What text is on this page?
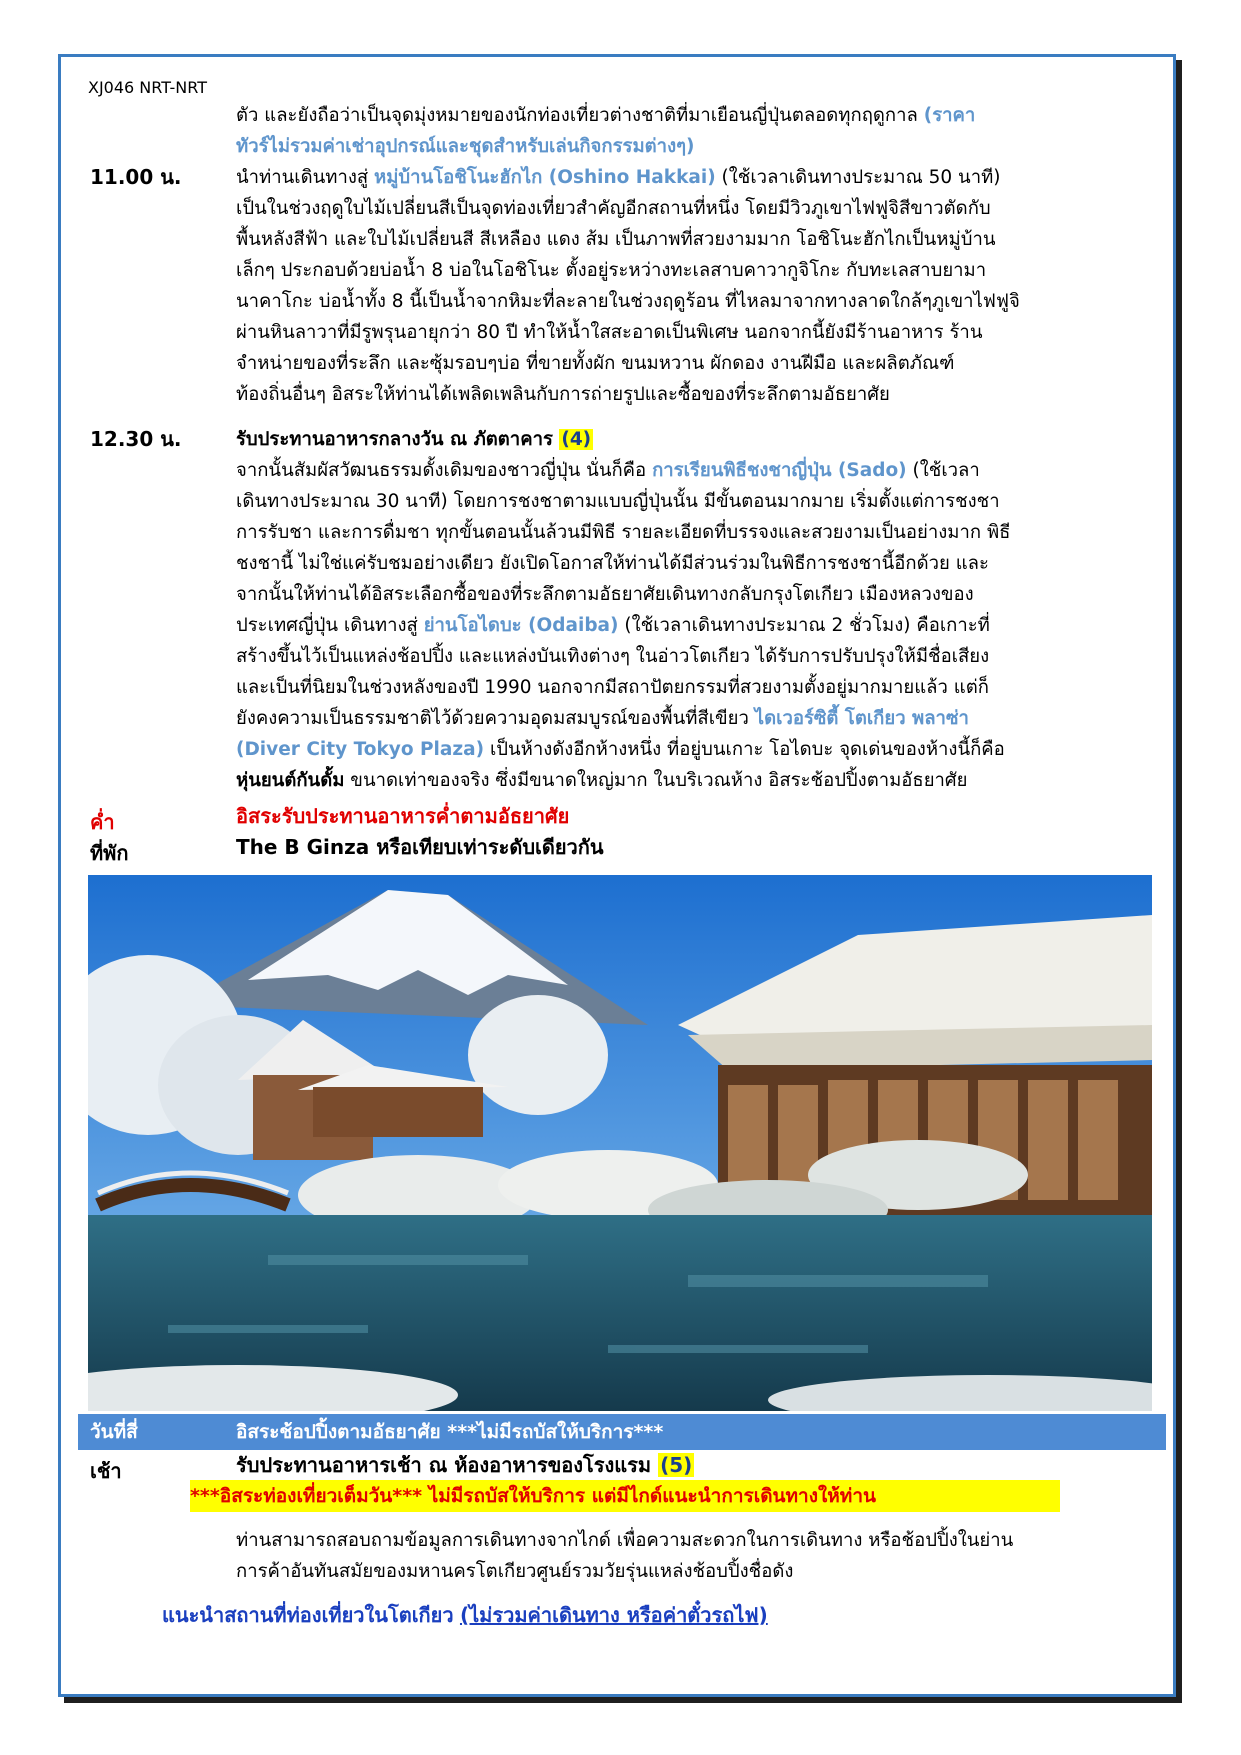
XJ046 NRT-NRT
ตัว และยังถือว่าเป็นจุดมุ่งหมายของนักท่องเที่ยวต่างชาติที่มาเยือนญี่ปุ่นตลอดทุกฤดูกาล (ราคา
ทัวร์ไม่รวมค่าเช่าอุปกรณ์และชุดสำหรับเล่นกิจกรรมต่างๆ)
11.00 น.	นำท่านเดินทางสู่ หมู่บ้านโอชิโนะฮักไก (Oshino Hakkai) (ใช้เวลาเดินทางประมาณ 50 นาที)
เป็นในช่วงฤดูใบไม้เปลี่ยนสีเป็นจุดท่องเที่ยวสำคัญอีกสถานที่หนึ่ง โดยมีวิวภูเขาไฟฟูจิสีขาวตัดกับ
พื้นหลังสีฟ้า และใบไม้เปลี่ยนสี สีเหลือง แดง ส้ม เป็นภาพที่สวยงามมาก โอชิโนะฮักไกเป็นหมู่บ้าน
เล็กๆ ประกอบด้วยบ่อน้ำ 8 บ่อในโอชิโนะ ตั้งอยู่ระหว่างทะเลสาบคาวากูจิโกะ กับทะเลสาบยามา
นาคาโกะ บ่อน้ำทั้ง 8 นี้เป็นน้ำจากหิมะที่ละลายในช่วงฤดูร้อน ที่ไหลมาจากทางลาดใกล้ๆภูเขาไฟฟูจิ
ผ่านหินลาวาที่มีรูพรุนอายุกว่า 80 ปี ทำให้น้ำใสสะอาดเป็นพิเศษ นอกจากนี้ยังมีร้านอาหาร ร้าน
จำหน่ายของที่ระลึก และซุ้มรอบๆบ่อ ที่ขายทั้งผัก ขนมหวาน ผักดอง งานฝีมือ และผลิตภัณฑ์
ท้องถิ่นอื่นๆ อิสระให้ท่านได้เพลิดเพลินกับการถ่ายรูปและซื้อของที่ระลึกตามอัธยาศัย
12.30 น.	รับประทานอาหารกลางวัน ณ ภัตตาคาร (4)
จากนั้นสัมผัสวัฒนธรรมดั้งเดิมของชาวญี่ปุ่น นั่นก็คือ การเรียนพิธีชงชาญี่ปุ่น (Sado) (ใช้เวลา
เดินทางประมาณ 30 นาที) โดยการชงชาตามแบบญี่ปุ่นนั้น มีขั้นตอนมากมาย เริ่มตั้งแต่การชงชา
การรับชา และการดื่มชา ทุกขั้นตอนนั้นล้วนมีพิธี รายละเอียดที่บรรจงและสวยงามเป็นอย่างมาก พิธี
ชงชานี้ ไม่ใช่แค่รับชมอย่างเดียว ยังเปิดโอกาสให้ท่านได้มีส่วนร่วมในพิธีการชงชานี้อีกด้วย และ
จากนั้นให้ท่านได้อิสระเลือกซื้อของที่ระลึกตามอัธยาศัยเดินทางกลับกรุงโตเกียว เมืองหลวงของ
ประเทศญี่ปุ่น เดินทางสู่ ย่านโอไดบะ (Odaiba) (ใช้เวลาเดินทางประมาณ 2 ชั่วโมง) คือเกาะที่
สร้างขึ้นไว้เป็นแหล่งช้อปปิ้ง และแหล่งบันเทิงต่างๆ ในอ่าวโตเกียว ได้รับการปรับปรุงให้มีชื่อเสียง
และเป็นที่นิยมในช่วงหลังของปี 1990 นอกจากมีสถาปัตยกรรมที่สวยงามตั้งอยู่มากมายแล้ว แต่ก็
ยังคงความเป็นธรรมชาติไว้ด้วยความอุดมสมบูรณ์ของพื้นที่สีเขียว ไดเวอร์ซิตี้ โตเกียว พลาซ่า
(Diver City Tokyo Plaza) เป็นห้างดังอีกห้างหนึ่ง ที่อยู่บนเกาะ โอไดบะ จุดเด่นของห้างนี้ก็คือ
หุ่นยนต์กันดั้ม ขนาดเท่าของจริง ซึ่งมีขนาดใหญ่มาก ในบริเวณห้าง อิสระช้อปปิ้งตามอัธยาศัย
ค่ำ	อิสระรับประทานอาหารค่ำตามอัธยาศัย
ที่พัก	The B Ginza หรือเทียบเท่าระดับเดียวกัน
วันที่สี่	อิสระช้อปปิ้งตามอัธยาศัย ***ไม่มีรถบัสให้บริการ***
เช้า	รับประทานอาหารเช้า ณ ห้องอาหารของโรงแรม (5)
***อิสระท่องเที่ยวเต็มวัน*** ไม่มีรถบัสให้บริการ แต่มีไกด์แนะนำการเดินทางให้ท่าน
ท่านสามารถสอบถามข้อมูลการเดินทางจากไกด์ เพื่อความสะดวกในการเดินทาง หรือช้อปปิ้งในย่าน
การค้าอันทันสมัยของมหานครโตเกียวศูนย์รวมวัยรุ่นแหล่งช้อบปิ้งชื่อดัง
แนะนำสถานที่ท่องเที่ยวในโตเกียว (ไม่รวมค่าเดินทาง หรือค่าตั๋วรถไฟ)
